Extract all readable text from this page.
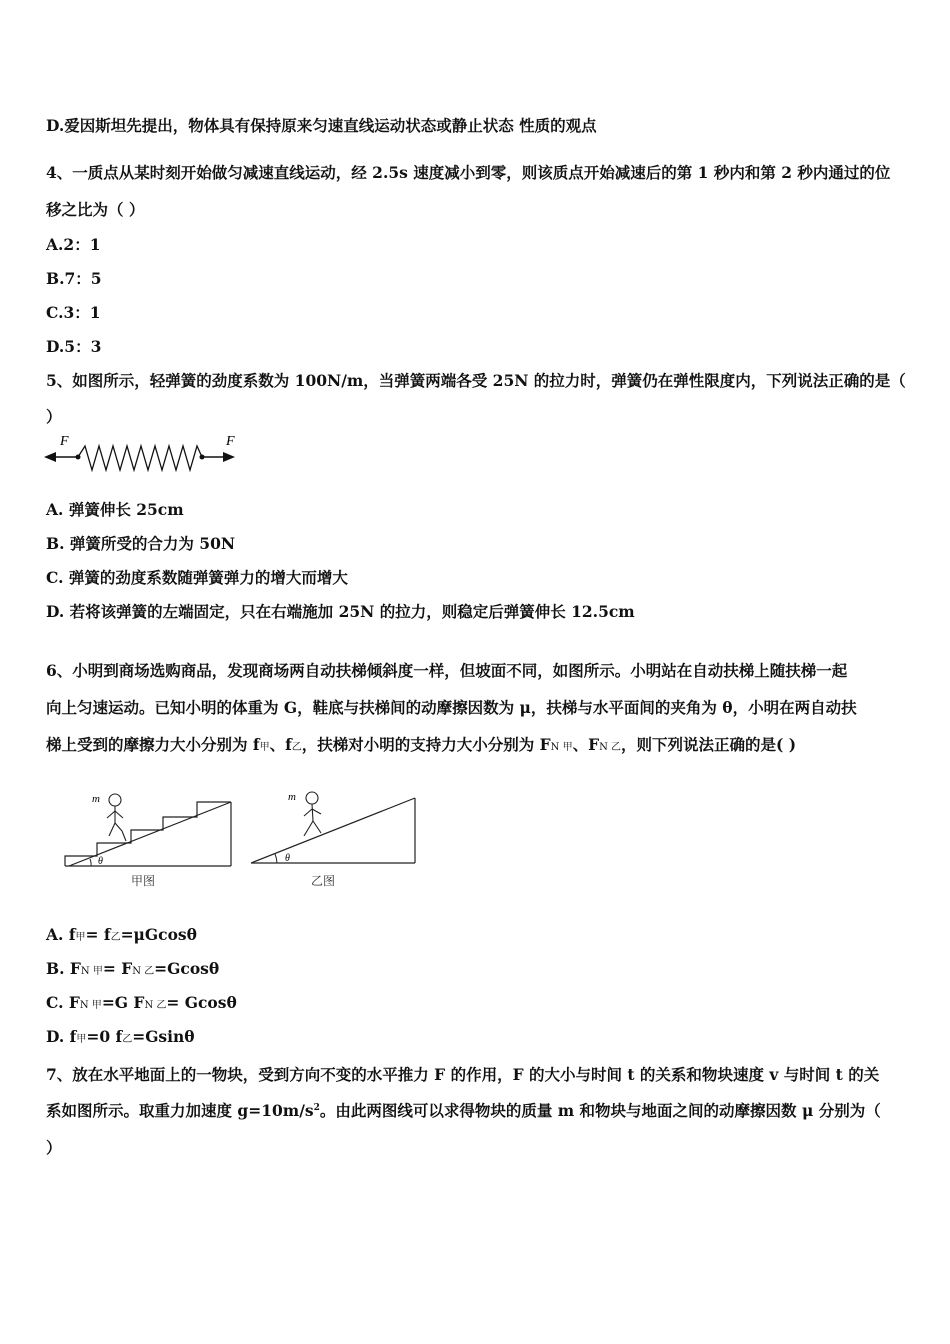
D.爱因斯坦先提出，物体具有保持原来匀速直线运动状态或静止状态 性质的观点
4、一质点从某时刻开始做匀减速直线运动，经 2.5s 速度减小到零，则该质点开始减速后的第 1 秒内和第 2 秒内通过的位
移之比为（ ）
A.2：1
B.7：5
C.3：1
D.5：3
5、如图所示，轻弹簧的劲度系数为 100N/m，当弹簧两端各受 25N 的拉力时，弹簧仍在弹性限度内，下列说法正确的是（
）
F	F
A. 弹簧伸长 25cm
B. 弹簧所受的合力为 50N
C. 弹簧的劲度系数随弹簧弹力的增大而增大
D. 若将该弹簧的左端固定，只在右端施加 25N 的拉力，则稳定后弹簧伸长 12.5cm
6、小明到商场选购商品，发现商场两自动扶梯倾斜度一样，但坡面不同，如图所示。小明站在自动扶梯上随扶梯一起
向上匀速运动。已知小明的体重为 G，鞋底与扶梯间的动摩擦因数为 μ，扶梯与水平面间的夹角为 θ，小明在两自动扶
梯上受到的摩擦力大小分别为 f甲、f乙，扶梯对小明的支持力大小分别为 FN 甲、FN 乙，则下列说法正确的是( )
m
θ
甲图
m
θ
乙图
A. f甲= f乙=μGcosθ
B. FN 甲= FN 乙=Gcosθ
C. FN 甲=G FN 乙= Gcosθ
D. f甲=0 f乙=Gsinθ
7、放在水平地面上的一物块，受到方向不变的水平推力 F 的作用，F 的大小与时间 t 的关系和物块速度 v 与时间 t 的关
系如图所示。取重力加速度 $g=10m/s^2$。由此两图线可以求得物块的质量 m 和物块与地面之间的动摩擦因数 μ 分别为（
）
